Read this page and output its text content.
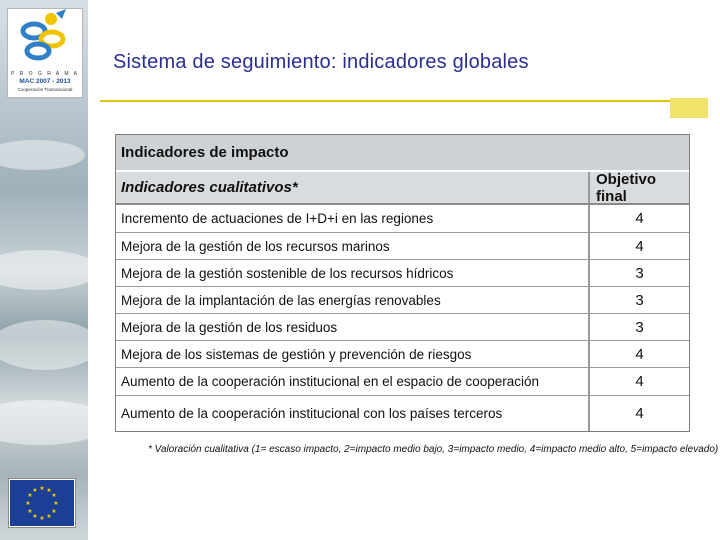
P R O G R A M A
MAC 2007 - 2013
Cooperación Transnacional
★ ★
★
★
★
★
★
★
★
★
★
★
Sistema de seguimiento: indicadores globales
Indicadores de impacto
Indicadores cualitativos*	Objetivo final
Incremento de actuaciones de I+D+i en las regiones	4
Mejora de la gestión de los recursos marinos	4
Mejora de la gestión sostenible de los recursos hídricos	3
Mejora de la implantación de las energías renovables	3
Mejora de la gestión de los residuos	3
Mejora de los sistemas de gestión y prevención de riesgos	4
Aumento de la cooperación institucional en el espacio de cooperación	4
Aumento de la cooperación institucional con los países terceros	4
* Valoración cualitativa (1= escaso impacto, 2=impacto medio bajo, 3=impacto medio, 4=impacto medio alto, 5=impacto elevado)
